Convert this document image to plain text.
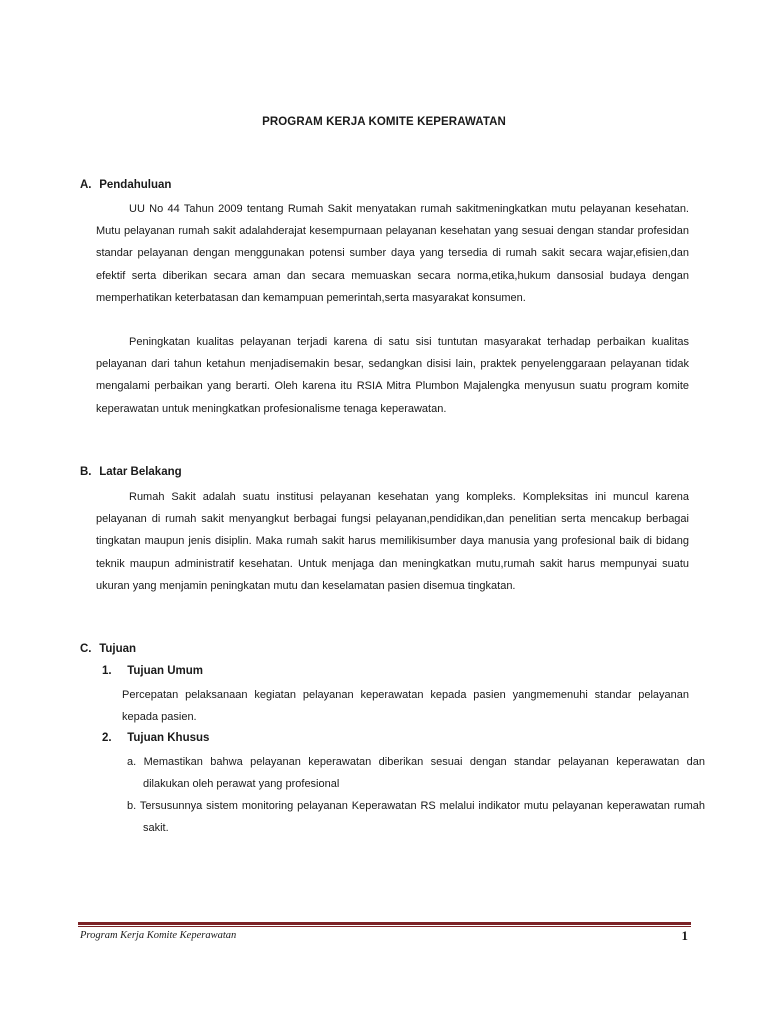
PROGRAM KERJA KOMITE KEPERAWATAN
A. Pendahuluan

UU No 44 Tahun 2009 tentang Rumah Sakit menyatakan rumah sakitmeningkatkan mutu pelayanan kesehatan. Mutu pelayanan rumah sakit adalahderajat kesempurnaan pelayanan kesehatan yang sesuai dengan standar profesidan standar pelayanan dengan menggunakan potensi sumber daya yang tersedia di rumah sakit secara wajar,efisien,dan efektif serta diberikan secara aman dan secara memuaskan secara norma,etika,hukum dansosial budaya dengan memperhatikan keterbatasan dan kemampuan pemerintah,serta masyarakat konsumen.

Peningkatan kualitas pelayanan terjadi karena di satu sisi tuntutan masyarakat terhadap perbaikan kualitas pelayanan dari tahun ketahun menjadisemakin besar, sedangkan disisi lain, praktek penyelenggaraan pelayanan tidak mengalami perbaikan yang berarti. Oleh karena itu RSIA Mitra Plumbon Majalengka menyusun suatu program komite keperawatan untuk meningkatkan profesionalisme tenaga keperawatan.

B. Latar Belakang

Rumah Sakit adalah suatu institusi pelayanan kesehatan yang kompleks. Kompleksitas ini muncul karena pelayanan di rumah sakit menyangkut berbagai fungsi pelayanan,pendidikan,dan penelitian serta mencakup berbagai tingkatan maupun jenis disiplin. Maka rumah sakit harus memilikisumber daya manusia yang profesional baik di bidang teknik maupun administratif kesehatan. Untuk menjaga dan meningkatkan mutu,rumah sakit harus mempunyai suatu ukuran yang menjamin peningkatan mutu dan keselamatan pasien disemua tingkatan.

C. Tujuan
1. Tujuan Umum

Percepatan pelaksanaan kegiatan pelayanan keperawatan kepada pasien yangmemenuhi standar pelayanan kepada pasien.

2. Tujuan Khusus

a. Memastikan bahwa pelayanan keperawatan diberikan sesuai dengan standar pelayanan keperawatan dan dilakukan oleh perawat yang profesional

b. Tersusunnya sistem monitoring pelayanan Keperawatan RS melalui indikator mutu pelayanan keperawatan rumah sakit.

Program Kerja Komite Keperawatan	1
